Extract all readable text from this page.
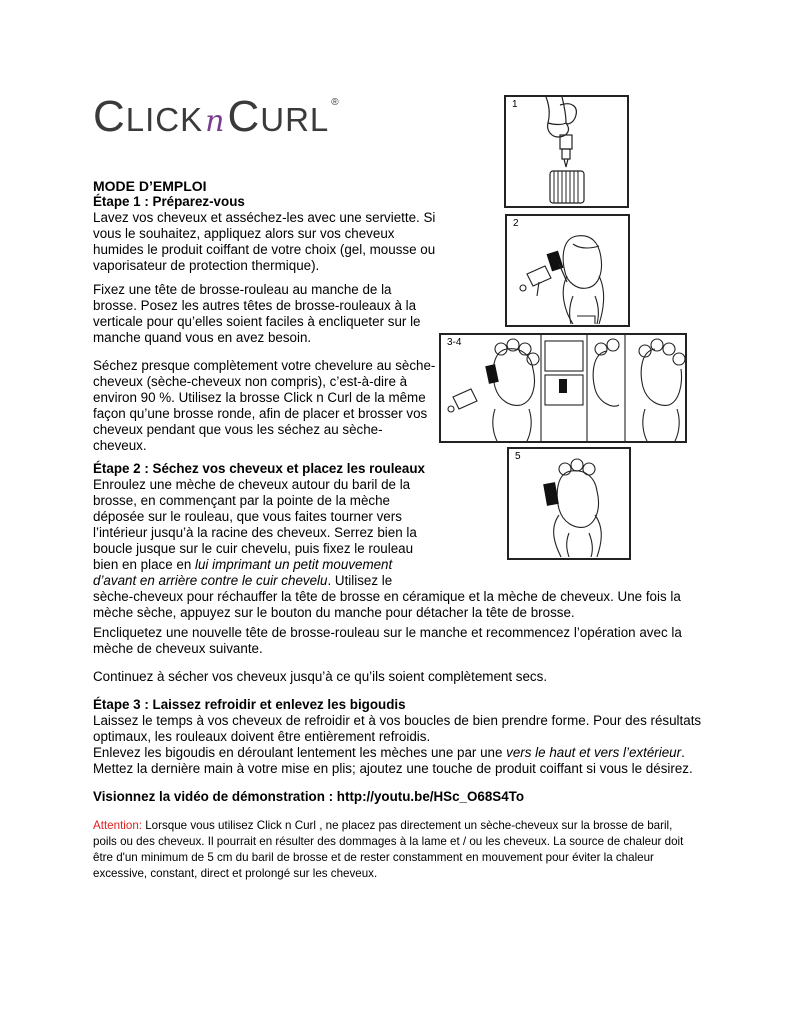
C LICK n C URL ®
MODE D’EMPLOI
Étape 1 : Préparez-vous
Lavez vos cheveux et asséchez-les avec une serviette. Si
vous le souhaitez, appliquez alors sur vos cheveux
humides le produit coiffant de votre choix (gel, mousse ou
vaporisateur de protection thermique).
Fixez une tête de brosse-rouleau au manche de la
brosse. Posez les autres têtes de brosse-rouleaux à la
verticale pour qu’elles soient faciles à encliqueter sur le
manche quand vous en avez besoin.
Séchez presque complètement votre chevelure au sèche-
cheveux (sèche-cheveux non compris), c’est-à-dire à
environ 90 %. Utilisez la brosse Click n Curl de la même
façon qu’une brosse ronde, afin de placer et brosser vos
cheveux pendant que vous les séchez au sèche-
cheveux.
Étape 2 : Séchez vos cheveux et placez les rouleaux
Enroulez une mèche de cheveux autour du baril de la
brosse, en commençant par la pointe de la mèche
déposée sur le rouleau, que vous faites tourner vers
l’intérieur jusqu’à la racine des cheveux. Serrez bien la
boucle jusque sur le cuir chevelu, puis fixez le rouleau
bien en place en lui imprimant un petit mouvement
d’avant en arrière contre le cuir chevelu. Utilisez le
sèche-cheveux pour réchauffer la tête de brosse en céramique et la mèche de cheveux. Une fois la
mèche sèche, appuyez sur le bouton du manche pour détacher la tête de brosse.
Encliquetez une nouvelle tête de brosse-rouleau sur le manche et recommencez l’opération avec la
mèche de cheveux suivante.
Continuez à sécher vos cheveux jusqu’à ce qu’ils soient complètement secs.
Étape 3 : Laissez refroidir et enlevez les bigoudis
Laissez le temps à vos cheveux de refroidir et à vos boucles de bien prendre forme. Pour des résultats
optimaux, les rouleaux doivent être entièrement refroidis.
Enlevez les bigoudis en déroulant lentement les mèches une par une vers le haut et vers l’extérieur.
Mettez la dernière main à votre mise en plis; ajoutez une touche de produit coiffant si vous le désirez.
Visionnez la vidéo de démonstration : http://youtu.be/HSc_O68S4To
Attention: Lorsque vous utilisez Click n Curl , ne placez pas directement un sèche-cheveux sur la brosse de baril,
poils ou des cheveux. Il pourrait en résulter des dommages à la lame et / ou les cheveux. La source de chaleur doit
être d'un minimum de 5 cm du baril de brosse et de rester constamment en mouvement pour éviter la chaleur
excessive, constant, direct et prolongé sur les cheveux.
1
2
3-4
5
